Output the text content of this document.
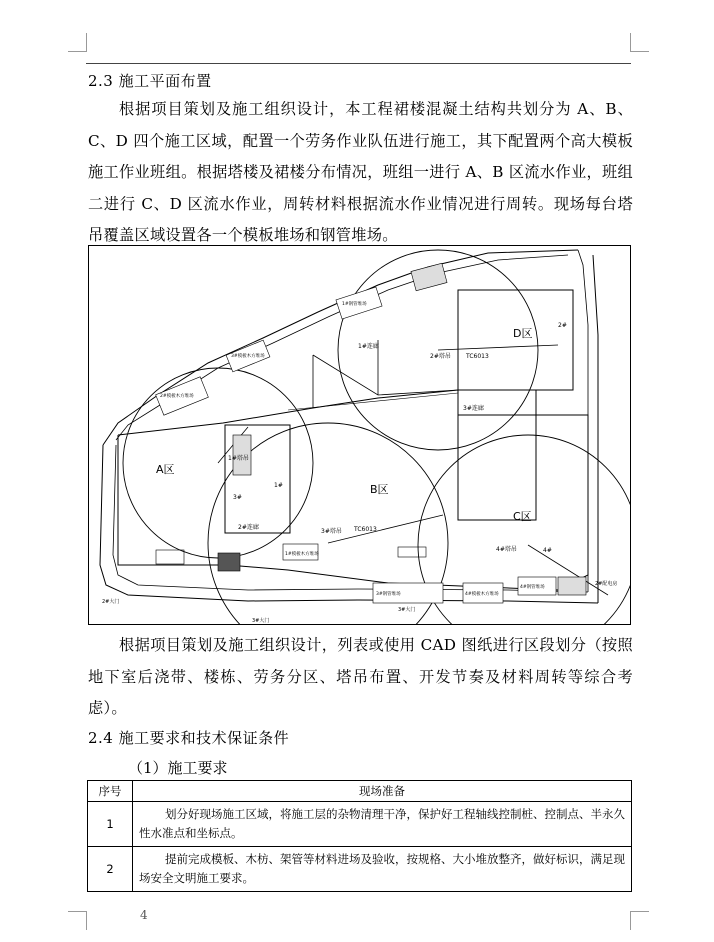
2.3 施工平面布置

根据项目策划及施工组织设计，本工程裙楼混凝土结构共划分为 A、B、C、D 四个施工区域，配置一个劳务作业队伍进行施工，其下配置两个高大模板施工作业班组。根据塔楼及裙楼分布情况，班组一进行 A、B 区流水作业，班组二进行 C、D 区流水作业，周转材料根据流水作业情况进行周转。现场每台塔吊覆盖区域设置各一个模板堆场和钢管堆场。

A区
B区
C区
D区
1#塔吊
2#塔吊
3#塔吊
4#塔吊
TC6013
TC6013
1#连廊
2#连廊
3#连廊
2#模板木方堆场
3#模板木方堆场
1#模板木方堆场
1#钢管堆场
3#钢管堆场	4#模板木方堆场
4#钢管堆场
2#大门
3#大门
3#大门
2#
3#
4#
1#
2#配电房

根据项目策划及施工组织设计，列表或使用 CAD 图纸进行区段划分（按照地下室后浇带、楼栋、劳务分区、塔吊布置、开发节奏及材料周转等综合考虑）。

2.4 施工要求和技术保证条件
（1）施工要求
序号	现场准备
1	划分好现场施工区域，将施工层的杂物清理干净，保护好工程轴线控制桩、控制点、半永久性水准点和坐标点。

2	提前完成模板、木枋、架管等材料进场及验收，按规格、大小堆放整齐，做好标识，满足现场安全文明施工要求。
4
